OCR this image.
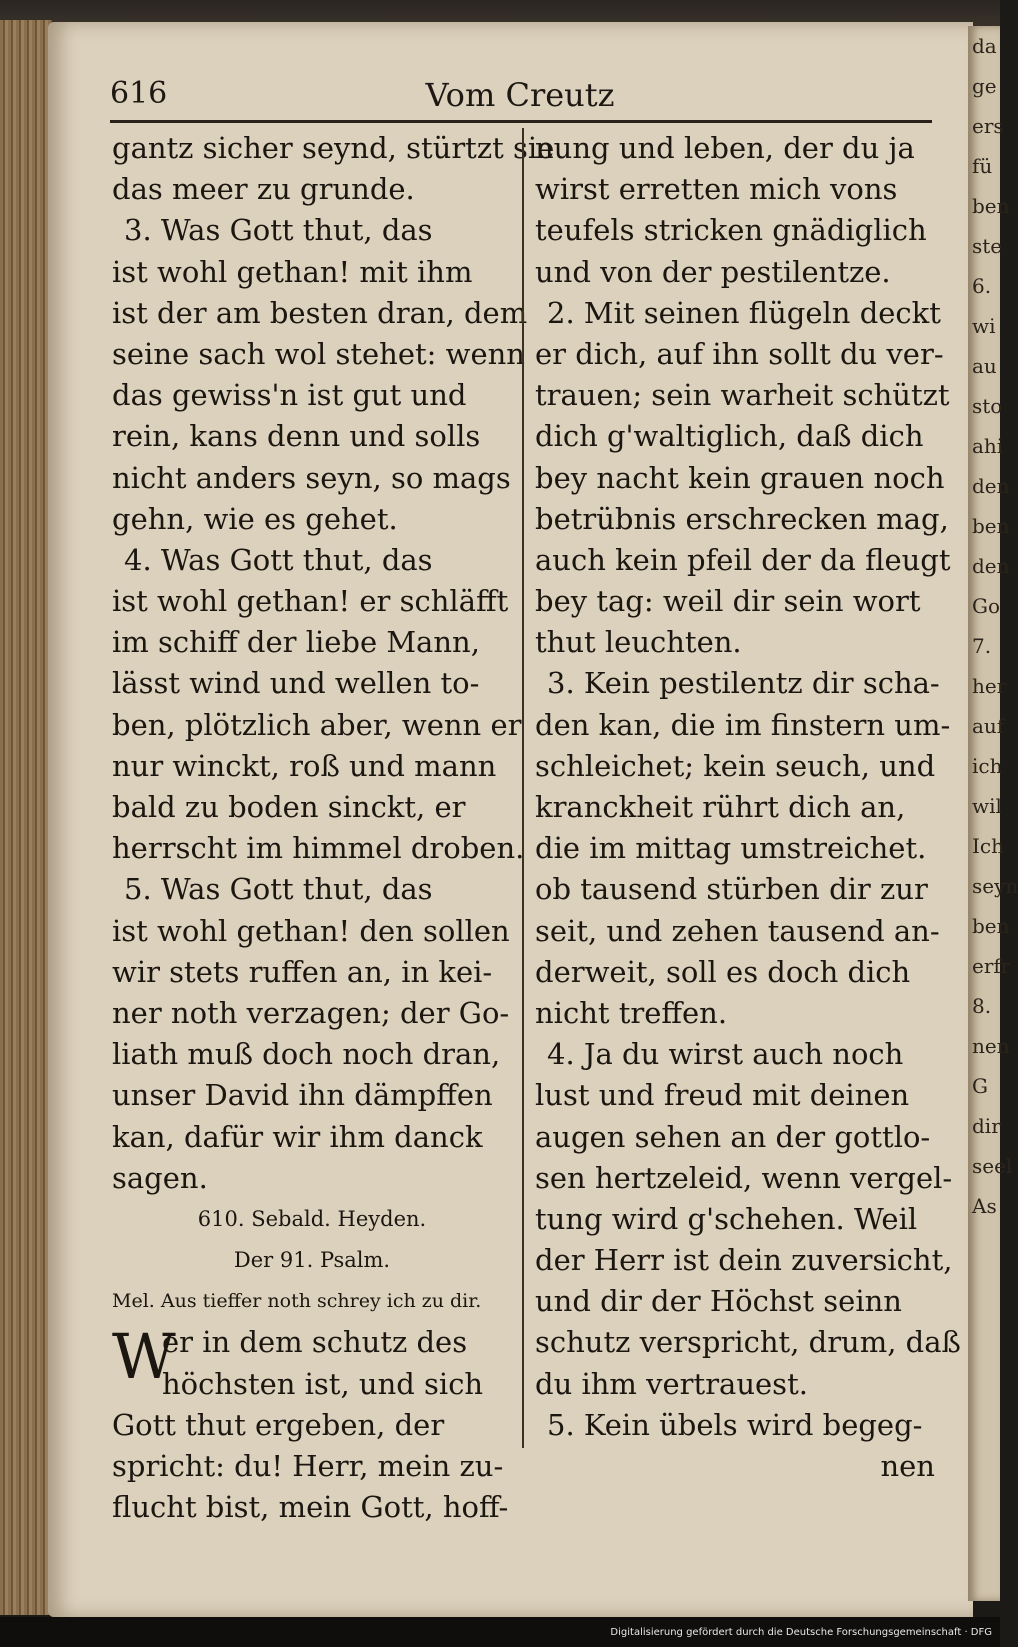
da
ge
ers
fü
ben
ste
6.
wi
au
sto
ahi
den
ben
den
Go
7.
her
auf
ich
wil
Ich
seyn
ben
erfr
8.
nen
G
dir
seel
As
616	Vom Creutz
gantz sicher seynd, stürtzt sie
das meer zu grunde.
3. Was Gott thut, das
ist wohl gethan! mit ihm
ist der am besten dran, dem
seine sach wol stehet: wenn
das gewiss'n ist gut und
rein, kans denn und solls
nicht anders seyn, so mags
gehn, wie es gehet.
4. Was Gott thut, das
ist wohl gethan! er schläfft
im schiff der liebe Mann,
lässt wind und wellen to-
ben, plötzlich aber, wenn er
nur winckt, roß und mann
bald zu boden sinckt, er
herrscht im himmel droben.
5. Was Gott thut, das
ist wohl gethan! den sollen
wir stets ruffen an, in kei-
ner noth verzagen; der Go-
liath muß doch noch dran,
unser David ihn dämpffen
kan, dafür wir ihm danck
sagen.
610. Sebald. Heyden.
Der 91. Psalm.
Mel. Aus tieffer noth schrey ich zu dir.
W
er in dem schutz des
höchsten ist, und sich
Gott thut ergeben, der
spricht: du! Herr, mein zu-
flucht bist, mein Gott, hoff-
nung und leben, der du ja
wirst erretten mich vons
teufels stricken gnädiglich
und von der pestilentze.
2. Mit seinen flügeln deckt
er dich, auf ihn sollt du ver-
trauen; sein warheit schützt
dich g'waltiglich, daß dich
bey nacht kein grauen noch
betrübnis erschrecken mag,
auch kein pfeil der da fleugt
bey tag: weil dir sein wort
thut leuchten.
3. Kein pestilentz dir scha-
den kan, die im finstern um-
schleichet; kein seuch, und
kranckheit rührt dich an,
die im mittag umstreichet.
ob tausend stürben dir zur
seit, und zehen tausend an-
derweit, soll es doch dich
nicht treffen.
4. Ja du wirst auch noch
lust und freud mit deinen
augen sehen an der gottlo-
sen hertzeleid, wenn vergel-
tung wird g'schehen. Weil
der Herr ist dein zuversicht,
und dir der Höchst seinn
schutz verspricht, drum, daß
du ihm vertrauest.
5. Kein übels wird begeg-
nen
Digitalisierung gefördert durch die Deutsche Forschungsgemeinschaft · DFG
